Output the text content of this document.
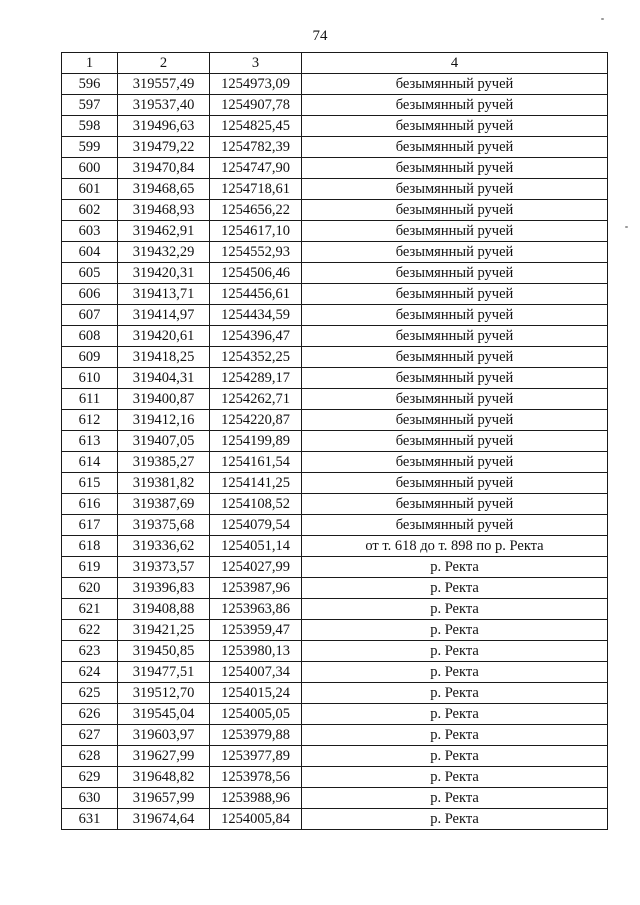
74
1	2	3	4
596	319557,49	1254973,09	безымянный ручей
597	319537,40	1254907,78	безымянный ручей
598	319496,63	1254825,45	безымянный ручей
599	319479,22	1254782,39	безымянный ручей
600	319470,84	1254747,90	безымянный ручей
601	319468,65	1254718,61	безымянный ручей
602	319468,93	1254656,22	безымянный ручей
603	319462,91	1254617,10	безымянный ручей
604	319432,29	1254552,93	безымянный ручей
605	319420,31	1254506,46	безымянный ручей
606	319413,71	1254456,61	безымянный ручей
607	319414,97	1254434,59	безымянный ручей
608	319420,61	1254396,47	безымянный ручей
609	319418,25	1254352,25	безымянный ручей
610	319404,31	1254289,17	безымянный ручей
611	319400,87	1254262,71	безымянный ручей
612	319412,16	1254220,87	безымянный ручей
613	319407,05	1254199,89	безымянный ручей
614	319385,27	1254161,54	безымянный ручей
615	319381,82	1254141,25	безымянный ручей
616	319387,69	1254108,52	безымянный ручей
617	319375,68	1254079,54	безымянный ручей
618	319336,62	1254051,14	от т. 618 до т. 898 по р. Ректа
619	319373,57	1254027,99	р. Ректа
620	319396,83	1253987,96	р. Ректа
621	319408,88	1253963,86	р. Ректа
622	319421,25	1253959,47	р. Ректа
623	319450,85	1253980,13	р. Ректа
624	319477,51	1254007,34	р. Ректа
625	319512,70	1254015,24	р. Ректа
626	319545,04	1254005,05	р. Ректа
627	319603,97	1253979,88	р. Ректа
628	319627,99	1253977,89	р. Ректа
629	319648,82	1253978,56	р. Ректа
630	319657,99	1253988,96	р. Ректа
631	319674,64	1254005,84	р. Ректа
